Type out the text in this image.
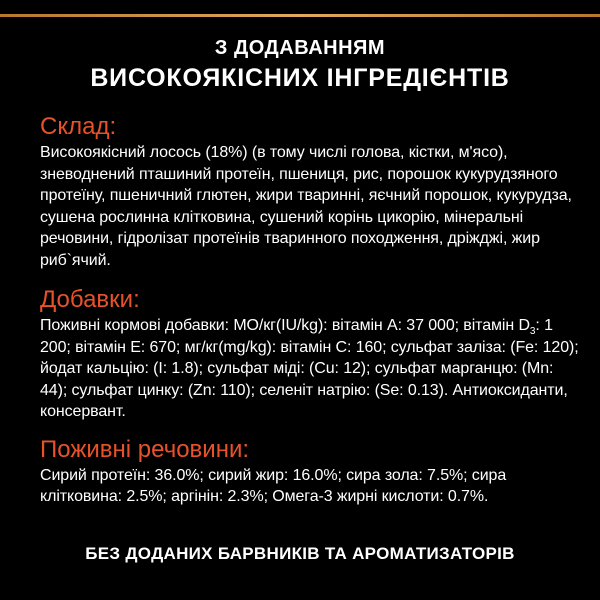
З ДОДАВАННЯМ
ВИСОКОЯКІСНИХ ІНГРЕДІЄНТІВ
Склад:

Високоякісний лосось (18%) (в тому числі голова, кістки, м'ясо), зневоднений пташиний протеїн, пшениця, рис, порошок кукурудзяного протеїну, пшеничний глютен, жири тваринні, яєчний порошок, кукурудза, сушена рослинна клітковина, сушений корінь цикорію, мінеральні речовини, гідролізат протеїнів тваринного походження, дріжджі, жир риб`ячий.

Добавки:

Поживні кормові добавки: МО/кг(IU/kg): вітамін А: 37 000; вітамін $D_3$: 1 200; вітамін Е: 670; мг/кг(mg/kg): вітамін С: 160; сульфат заліза: (Fe: 120); йодат кальцію: (I: 1.8); сульфат міді: (Cu: 12); сульфат марганцю: (Mn: 44); сульфат цинку: (Zn: 110); селеніт натрію: (Se: 0.13). Антиоксиданти, консервант.

Поживні речовини:

Сирий протеїн: 36.0%; сирий жир: 16.0%; сира зола: 7.5%; сира клітковина: 2.5%; аргінін: 2.3%; Омега-3 жирні кислоти: 0.7%.

БЕЗ ДОДАНИХ БАРВНИКІВ ТА АРОМАТИЗАТОРІВ
